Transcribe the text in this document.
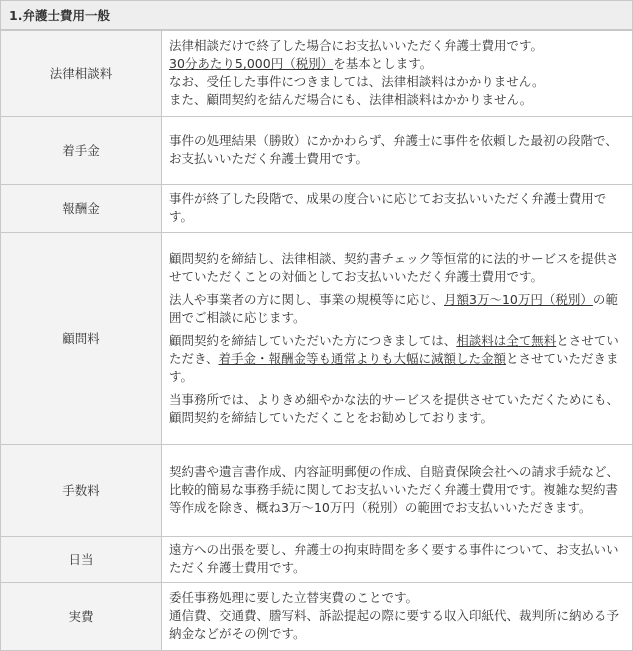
1.弁護士費用一般
法律相談料	法律相談だけで終了した場合にお支払いいただく弁護士費用です。

30分あたり5,000円（税別）を基本とします。

なお、受任した事件につきましては、法律相談料はかかりません。

また、顧問契約を結んだ場合にも、法律相談料はかかりません。

着手金	事件の処理結果（勝敗）にかかわらず、弁護士に事件を依頼した最初の段階で、お支払いいただく弁護士費用です。

報酬金	事件が終了した段階で、成果の度合いに応じてお支払いいただく弁護士費用です。

顧問料	顧問契約を締結し、法律相談、契約書チェック等恒常的に法的サービスを提供させていただくことの対価としてお支払いいただく弁護士費用です。

法人や事業者の方に関し、事業の規模等に応じ、月額3万～10万円（税別）の範囲でご相談に応じます。

顧問契約を締結していただいた方につきましては、相談料は全て無料とさせていただき、着手金・報酬金等も通常よりも大幅に減額した金額とさせていただきます。

当事務所では、よりきめ細やかな法的サービスを提供させていただくためにも、顧問契約を締結していただくことをお勧めしております。

手数料	契約書や遺言書作成、内容証明郵便の作成、自賠責保険会社への請求手続など、比較的簡易な事務手続に関してお支払いいただく弁護士費用です。複雑な契約書等作成を除き、概ね3万～10万円（税別）の範囲でお支払いいただきます。

日当	遠方への出張を要し、弁護士の拘束時間を多く要する事件について、お支払いいただく弁護士費用です。

実費	委任事務処理に要した立替実費のことです。

通信費、交通費、謄写料、訴訟提起の際に要する収入印紙代、裁判所に納める予納金などがその例です。
